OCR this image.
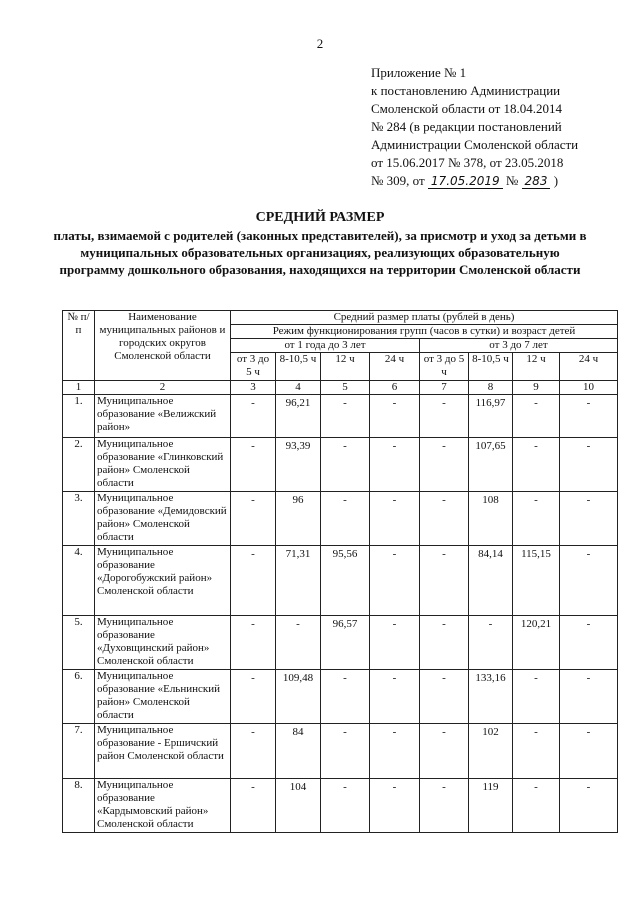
2
Приложение № 1
к постановлению Администрации
Смоленской области от 18.04.2014
№ 284 (в редакции постановлений
Администрации Смоленской области
от 15.06.2017 № 378, от 23.05.2018
№ 309, от 17.05.2019 № 283 )
СРЕДНИЙ РАЗМЕР
платы, взимаемой с родителей (законных представителей), за присмотр и уход за детьми в муниципальных образовательных организациях, реализующих образовательную программу дошкольного образования, находящихся на территории Смоленской области
№ п/п	Наименование муниципальных районов и городских округов Смоленской области	Средний размер платы (рублей в день)							
		Режим функционирования групп (часов в сутки) и возраст детей							
		от 1 года до 3 лет				от 3 до 7 лет			
		от 3 до 5 ч	8-10,5 ч	12 ч	24 ч	от 3 до 5 ч	8-10,5 ч	12 ч	24 ч
1	2	3	4	5	6	7	8	9	10
1.	Муниципальное образование «Велижский район»	-	96,21	-	-	-	116,97	-	-
2.	Муниципальное образование «Глинковский район» Смоленской области	-	93,39	-	-	-	107,65	-	-
3.	Муниципальное образование «Демидовский район» Смоленской области	-	96	-	-	-	108	-	-
4.	Муниципальное образование «Дорогобужский район» Смоленской области	-	71,31	95,56	-	-	84,14	115,15	-
5.	Муниципальное образование «Духовщинский район» Смоленской области	-	-	96,57	-	-	-	120,21	-
6.	Муниципальное образование «Ельнинский район» Смоленской области	-	109,48	-	-	-	133,16	-	-
7.	Муниципальное образование - Ершичский район Смоленской области	-	84	-	-	-	102	-	-
8.	Муниципальное образование «Кардымовский район» Смоленской области	-	104	-	-	-	119	-	-
